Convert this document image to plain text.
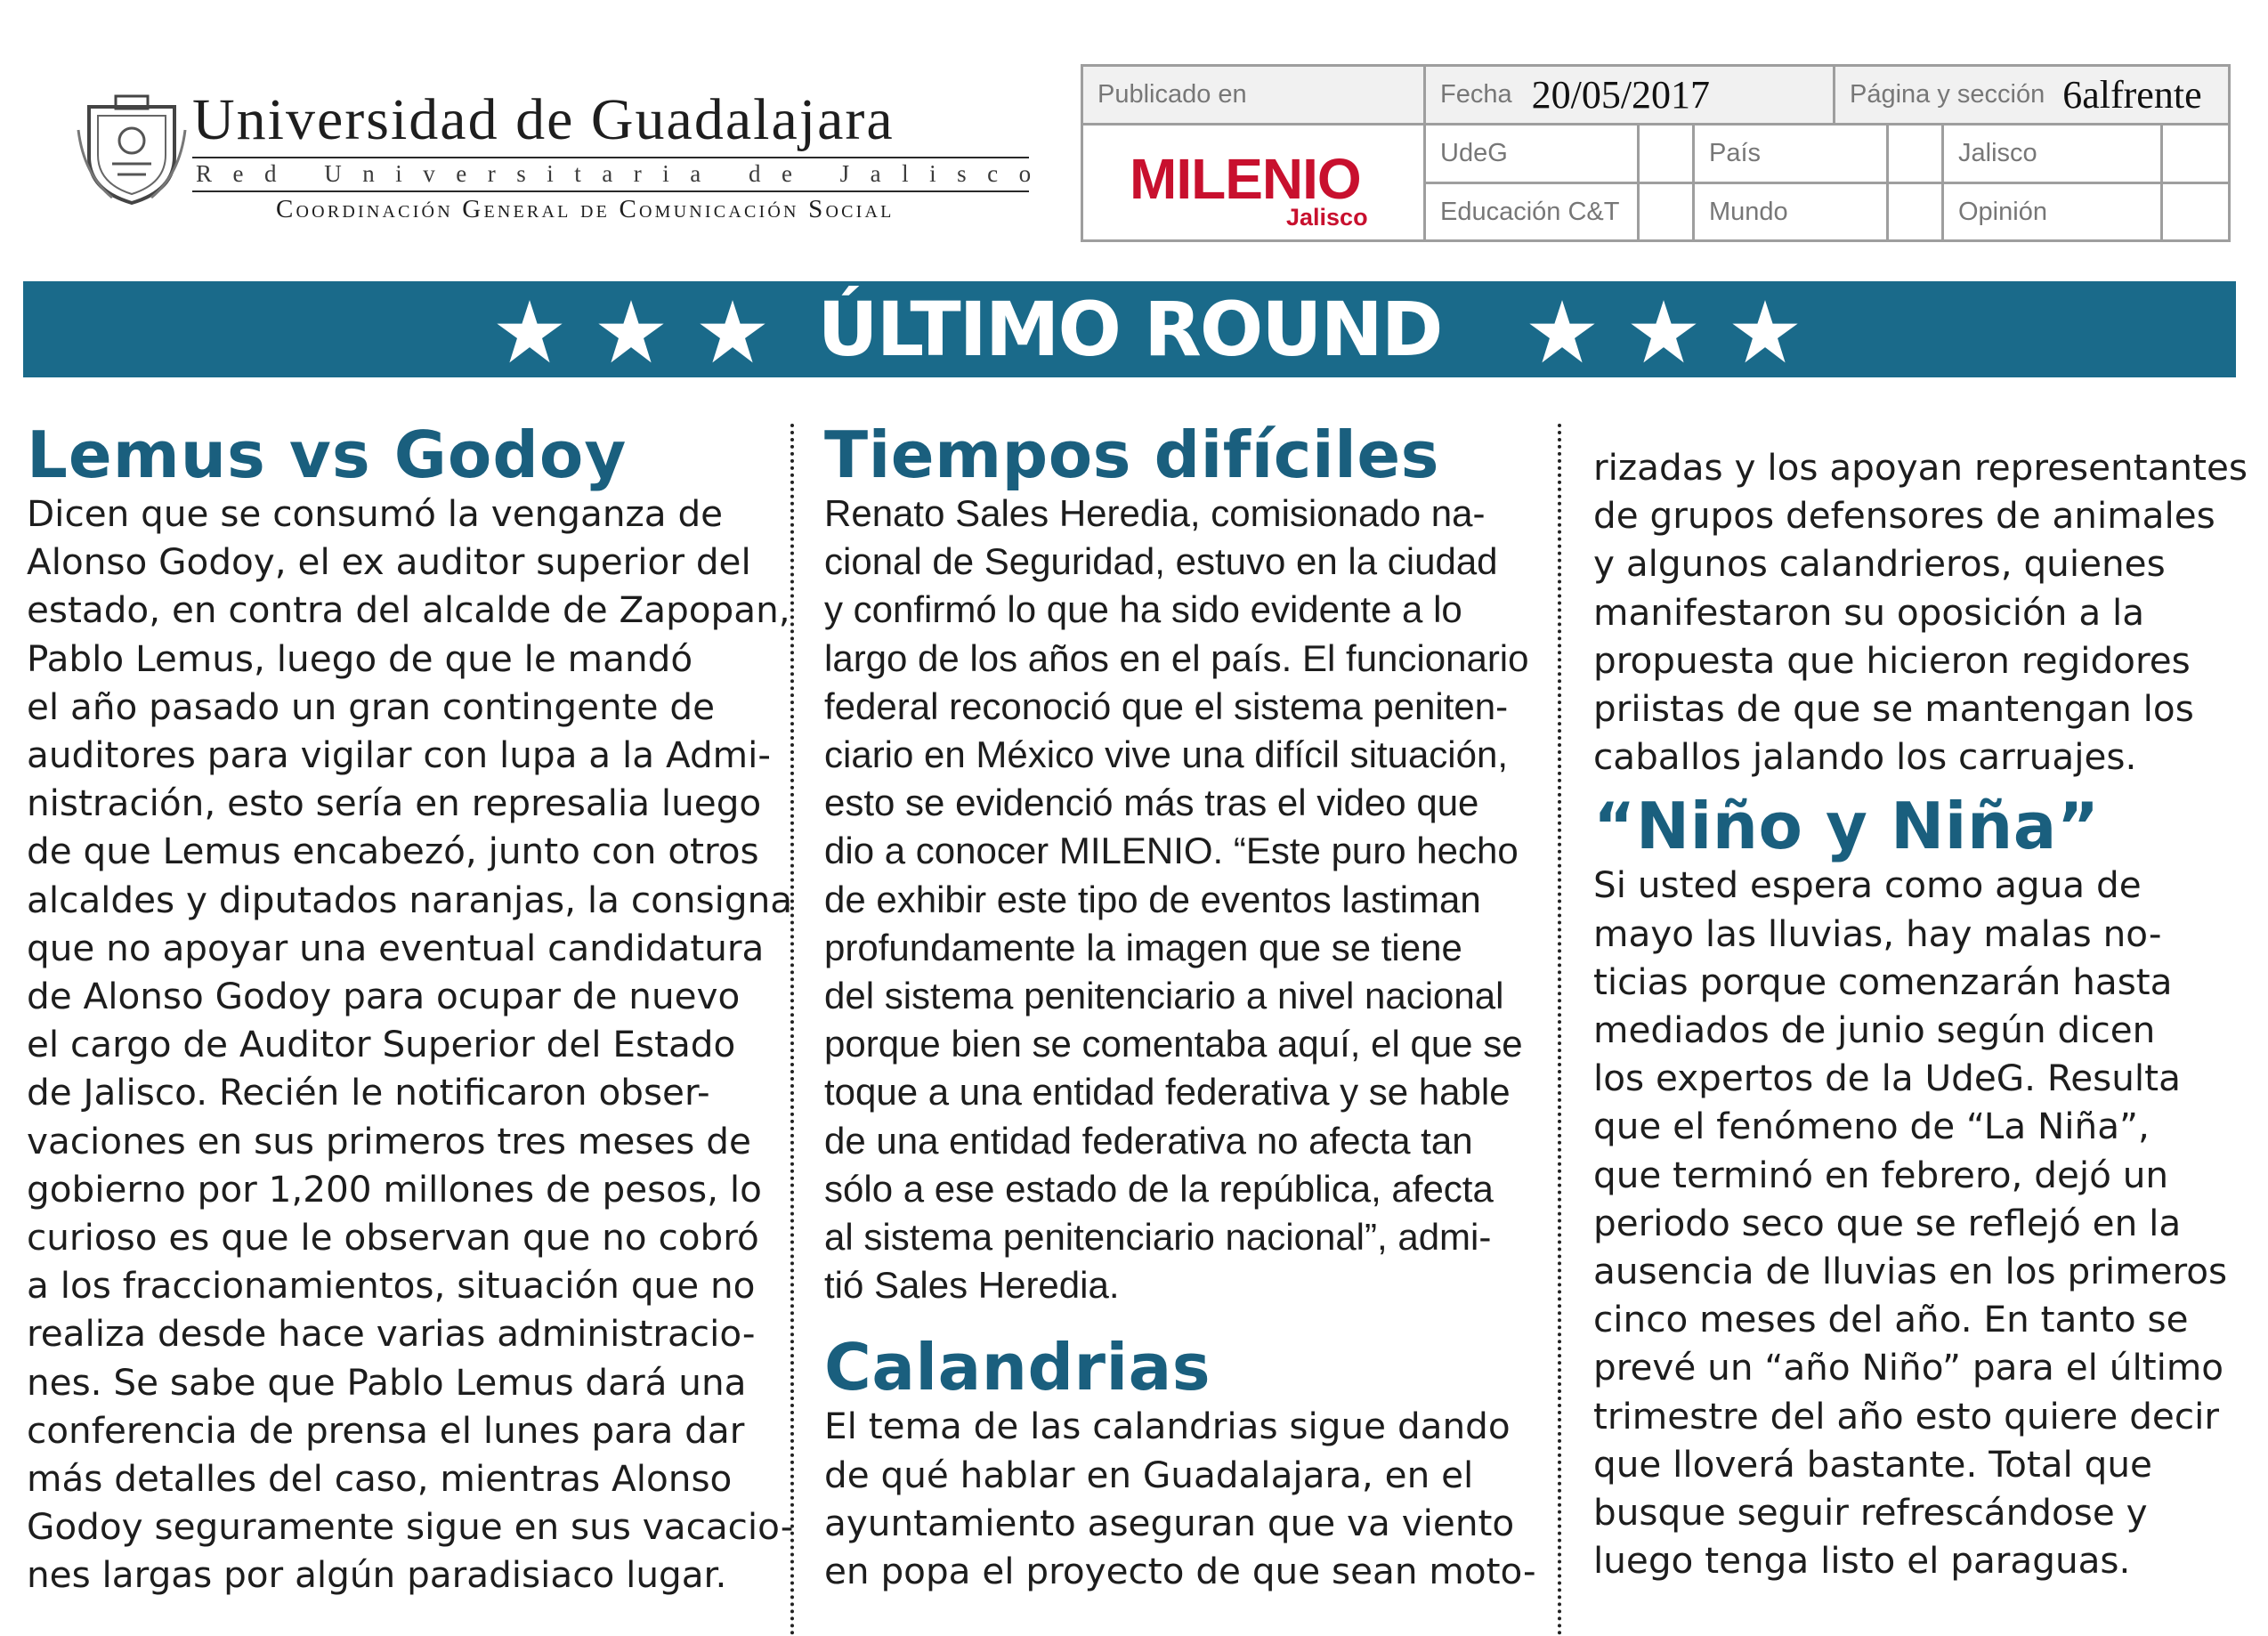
Universidad de Guadalajara
Red Universitaria de Jalisco
Coordinación General de Comunicación Social
Publicado en	Fecha 20/05/2017	Página y sección 6alfrente
MILENIO
Jalisco
UdeG	País	Jalisco
Educación C&T	Mundo	Opinión
ÚLTIMO ROUND
Lemus vs Godoy

Dicen que se consumó la venganza de
Alonso Godoy, el ex auditor superior del
estado, en contra del alcalde de Zapopan,
Pablo Lemus, luego de que le mandó
el año pasado un gran contingente de
auditores para vigilar con lupa a la Admi-
nistración, esto sería en represalia luego
de que Lemus encabezó, junto con otros
alcaldes y diputados naranjas, la consigna
que no apoyar una eventual candidatura
de Alonso Godoy para ocupar de nuevo
el cargo de Auditor Superior del Estado
de Jalisco. Recién le notificaron obser-
vaciones en sus primeros tres meses de
gobierno por 1,200 millones de pesos, lo
curioso es que le observan que no cobró
a los fraccionamientos, situación que no
realiza desde hace varias administracio-
nes. Se sabe que Pablo Lemus dará una
conferencia de prensa el lunes para dar
más detalles del caso, mientras Alonso
Godoy seguramente sigue en sus vacacio-
nes largas por algún paradisiaco lugar.

Tiempos difíciles

Renato Sales Heredia, comisionado na-
cional de Seguridad, estuvo en la ciudad
y confirmó lo que ha sido evidente a lo
largo de los años en el país. El funcionario
federal reconoció que el sistema peniten-
ciario en México vive una difícil situación,
esto se evidenció más tras el video que
dio a conocer MILENIO. “Este puro hecho
de exhibir este tipo de eventos lastiman
profundamente la imagen que se tiene
del sistema penitenciario a nivel nacional
porque bien se comentaba aquí, el que se
toque a una entidad federativa y se hable
de una entidad federativa no afecta tan
sólo a ese estado de la república, afecta
al sistema penitenciario nacional”, admi-
tió Sales Heredia.

Calandrias

El tema de las calandrias sigue dando
de qué hablar en Guadalajara, en el
ayuntamiento aseguran que va viento
en popa el proyecto de que sean moto-

rizadas y los apoyan representantes
de grupos defensores de animales
y algunos calandrieros, quienes
manifestaron su oposición a la
propuesta que hicieron regidores
priistas de que se mantengan los
caballos jalando los carruajes.

“Niño y Niña”

Si usted espera como agua de
mayo las lluvias, hay malas no-
ticias porque comenzarán hasta
mediados de junio según dicen
los expertos de la UdeG. Resulta
que el fenómeno de “La Niña”,
que terminó en febrero, dejó un
periodo seco que se reflejó en la
ausencia de lluvias en los primeros
cinco meses del año. En tanto se
prevé un “año Niño” para el último
trimestre del año esto quiere decir
que lloverá bastante. Total que
busque seguir refrescándose y
luego tenga listo el paraguas.
